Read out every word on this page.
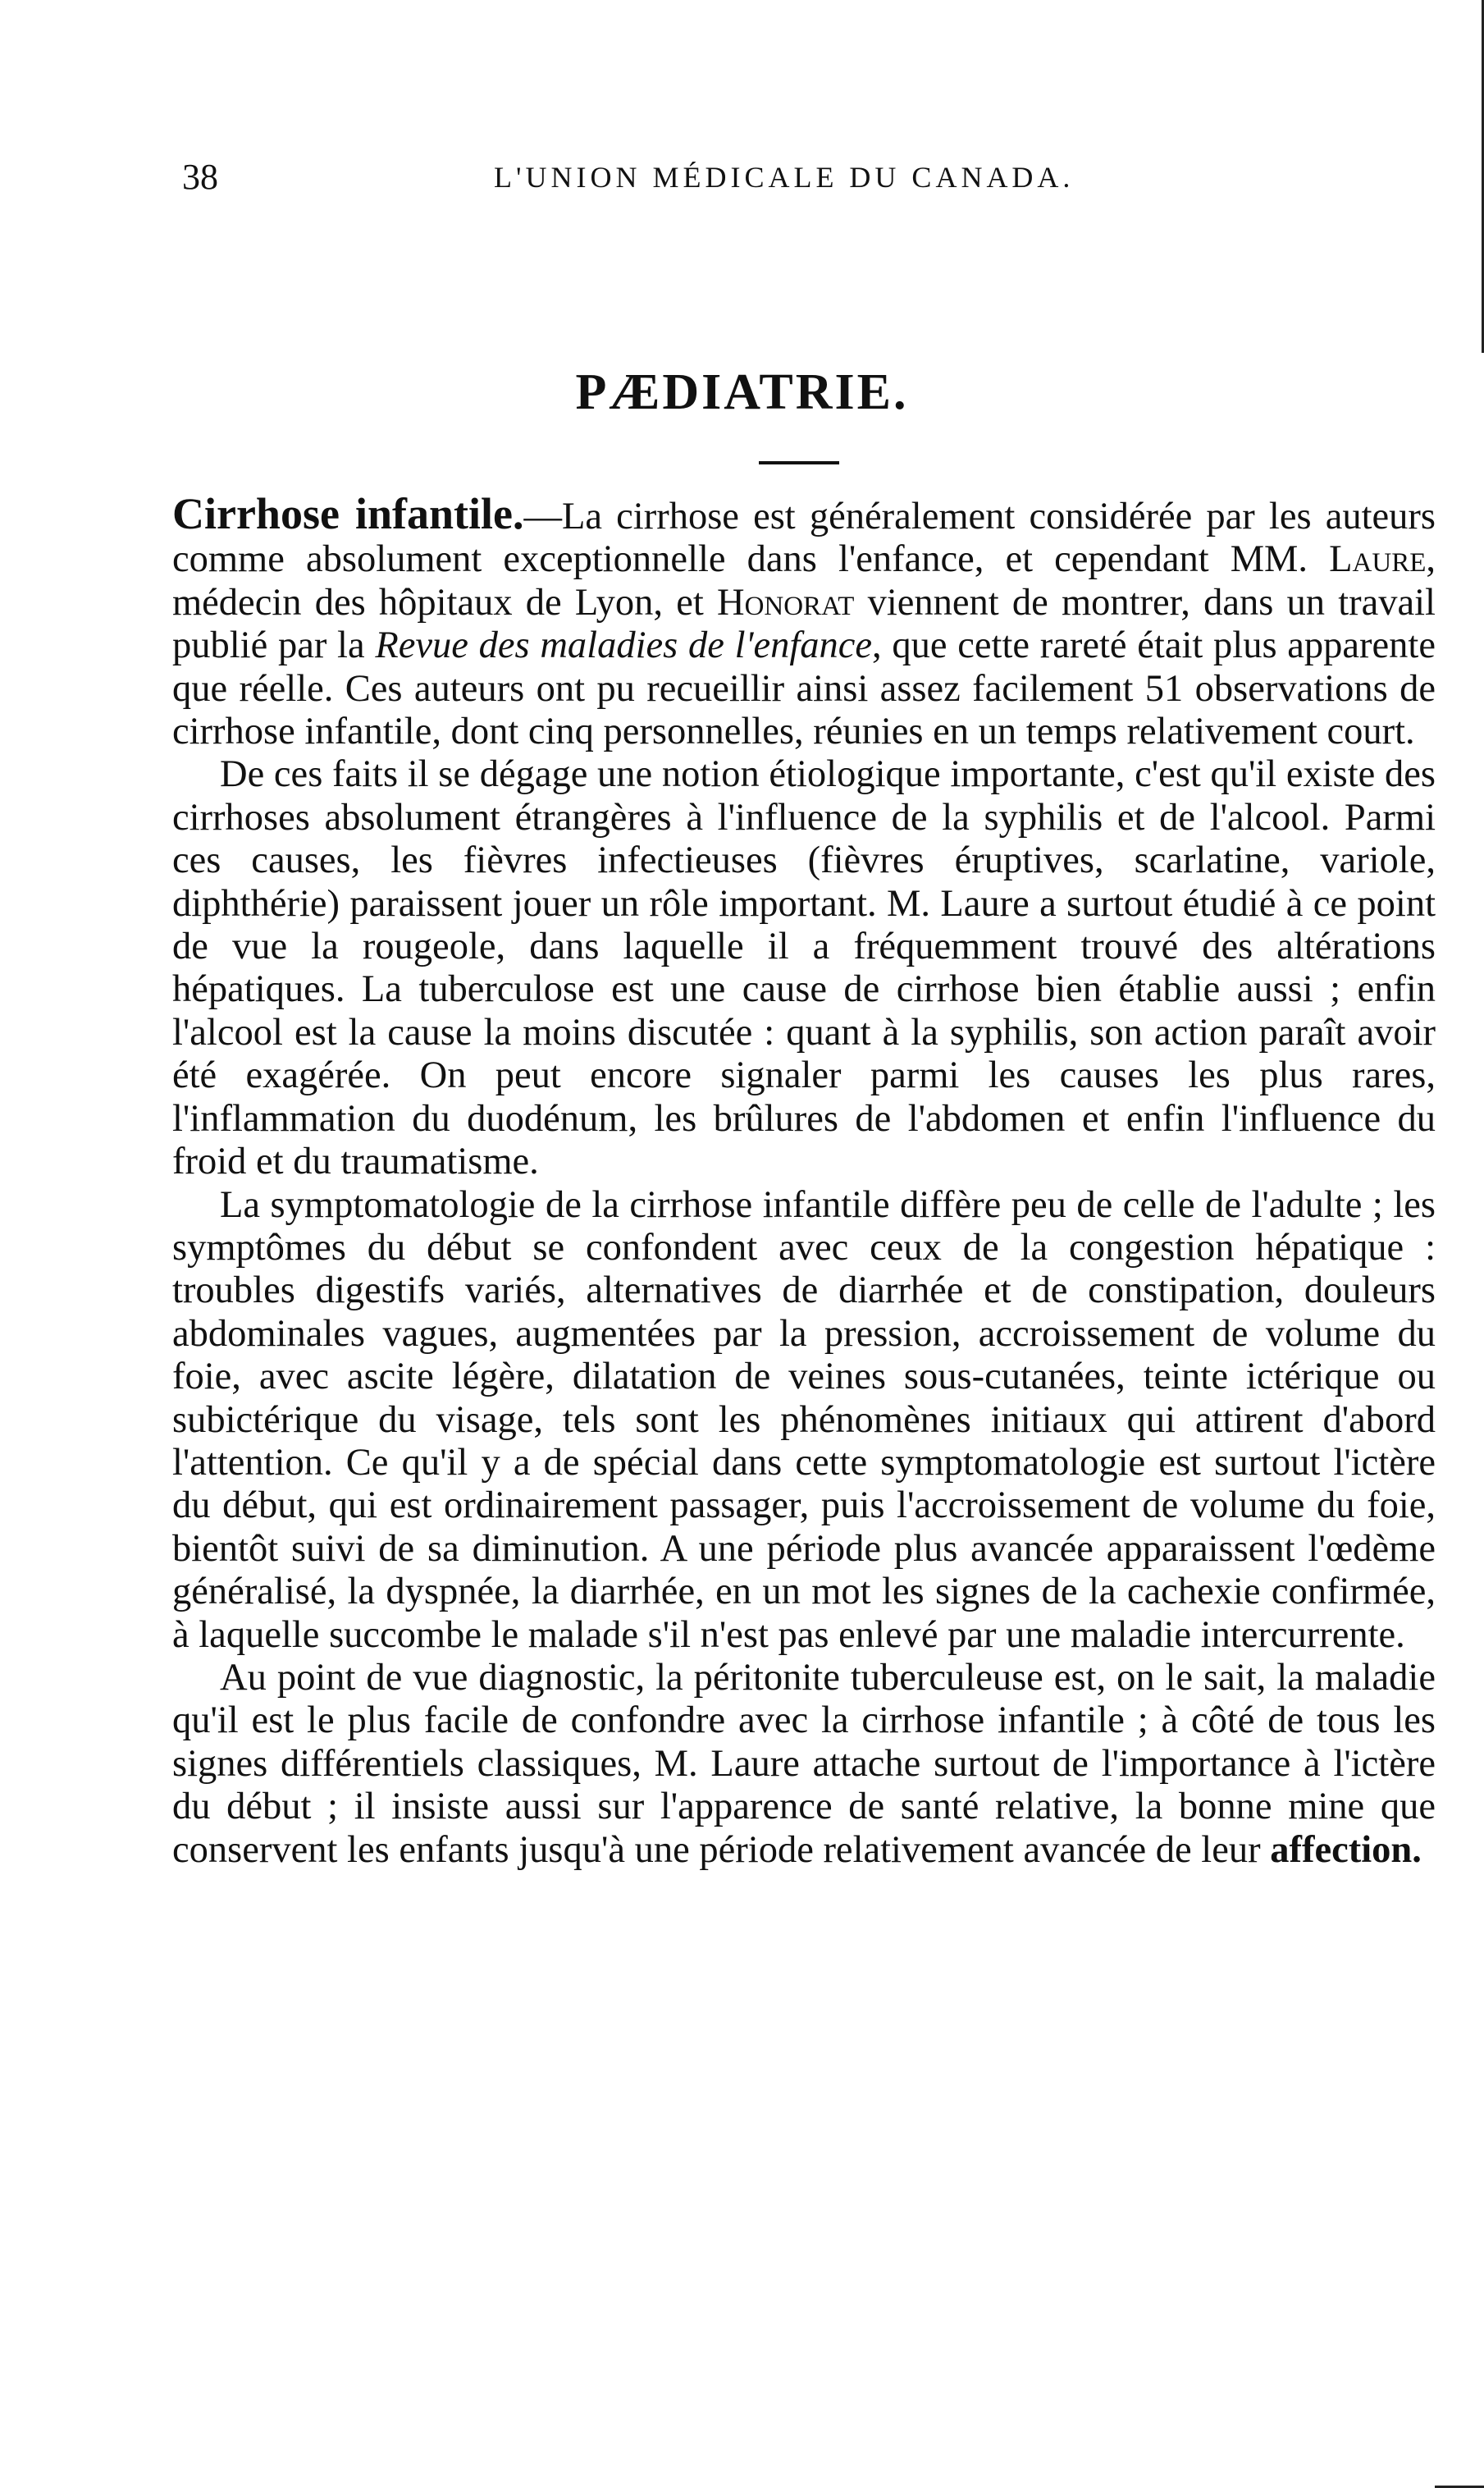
38	L'UNION MÉDICALE DU CANADA.
PÆDIATRIE.

Cirrhose infantile.—La cirrhose est généralement considérée par les auteurs comme absolument exceptionnelle dans l'enfance, et cependant MM. Laure, médecin des hôpitaux de Lyon, et Honorat viennent de montrer, dans un travail publié par la Revue des maladies de l'enfance, que cette rareté était plus apparente que réelle. Ces auteurs ont pu recueillir ainsi assez facilement 51 observations de cirrhose infantile, dont cinq personnelles, réunies en un temps relativement court.

De ces faits il se dégage une notion étiologique importante, c'est qu'il existe des cirrhoses absolument étrangères à l'influence de la syphilis et de l'alcool. Parmi ces causes, les fièvres infectieuses (fièvres éruptives, scarlatine, variole, diphthérie) paraissent jouer un rôle important. M. Laure a surtout étudié à ce point de vue la rougeole, dans laquelle il a fréquemment trouvé des altérations hépatiques. La tuberculose est une cause de cirrhose bien établie aussi ; enfin l'alcool est la cause la moins discutée : quant à la syphilis, son action paraît avoir été exagérée. On peut encore signaler parmi les causes les plus rares, l'inflammation du duodénum, les brûlures de l'abdomen et enfin l'influence du froid et du traumatisme.

La symptomatologie de la cirrhose infantile diffère peu de celle de l'adulte ; les symptômes du début se confondent avec ceux de la congestion hépatique : troubles digestifs variés, alternatives de diarrhée et de constipation, douleurs abdominales vagues, augmentées par la pression, accroissement de volume du foie, avec ascite légère, dilatation de veines sous-cutanées, teinte ictérique ou subictérique du visage, tels sont les phénomènes initiaux qui attirent d'abord l'attention. Ce qu'il y a de spécial dans cette symptomatologie est surtout l'ictère du début, qui est ordinairement passager, puis l'accroissement de volume du foie, bientôt suivi de sa diminution. A une période plus avancée apparaissent l'œdème généralisé, la dyspnée, la diarrhée, en un mot les signes de la cachexie confirmée, à laquelle succombe le malade s'il n'est pas enlevé par une maladie intercurrente.

Au point de vue diagnostic, la péritonite tuberculeuse est, on le sait, la maladie qu'il est le plus facile de confondre avec la cirrhose infantile ; à côté de tous les signes différentiels classiques, M. Laure attache surtout de l'importance à l'ictère du début ; il insiste aussi sur l'apparence de santé relative, la bonne mine que conservent les enfants jusqu'à une période relativement avancée de leur affection.
